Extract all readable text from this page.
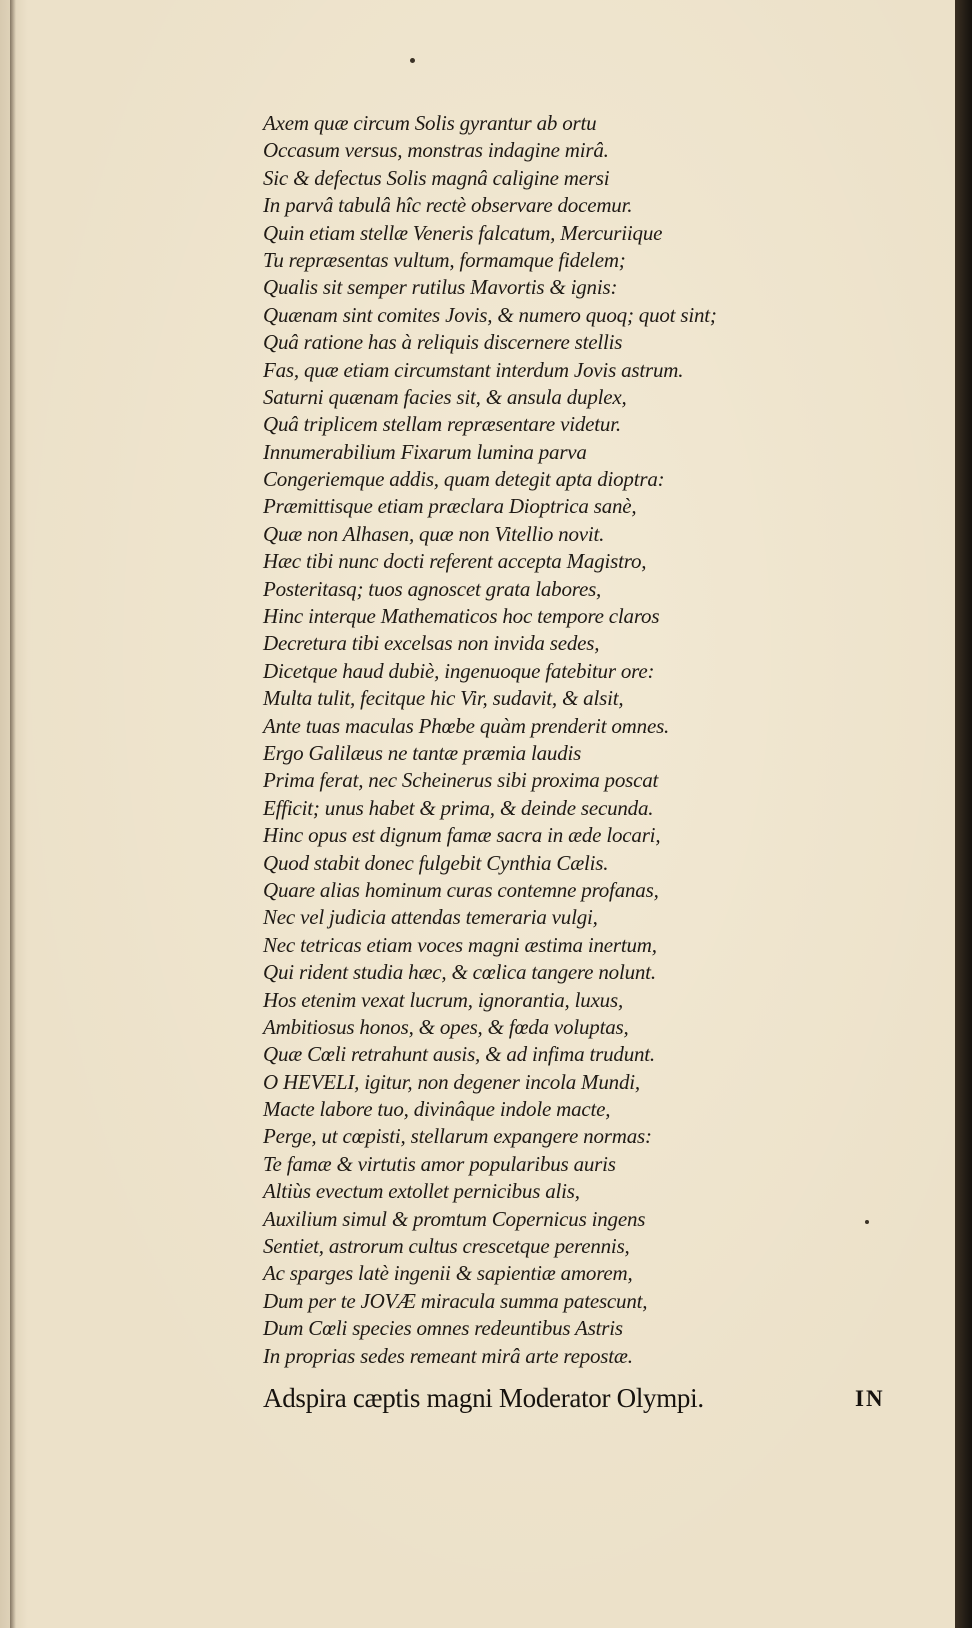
Axem quæ circum Solis gyrantur ab ortu
Occasum versus, monstras indagine mirâ.
Sic & defectus Solis magnâ caligine mersi
In parvâ tabulâ hîc rectè observare docemur.
Quin etiam stellæ Veneris falcatum, Mercuriique
Tu repræsentas vultum, formamque fidelem;
Qualis sit semper rutilus Mavortis & ignis:
Quænam sint comites Jovis, & numero quoq; quot sint;
Quâ ratione has à reliquis discernere stellis
Fas, quæ etiam circumstant interdum Jovis astrum.
Saturni quænam facies sit, & ansula duplex,
Quâ triplicem stellam repræsentare videtur.
Innumerabilium Fixarum lumina parva
Congeriemque addis, quam detegit apta dioptra:
Præmittisque etiam præclara Dioptrica sanè,
Quæ non Alhasen, quæ non Vitellio novit.
Hæc tibi nunc docti referent accepta Magistro,
Posteritasq; tuos agnoscet grata labores,
Hinc interque Mathematicos hoc tempore claros
Decretura tibi excelsas non invida sedes,
Dicetque haud dubiè, ingenuoque fatebitur ore:
Multa tulit, fecitque hic Vir, sudavit, & alsit,
Ante tuas maculas Phœbe quàm prenderit omnes.
Ergo Galilæus ne tantæ præmia laudis
Prima ferat, nec Scheinerus sibi proxima poscat
Efficit; unus habet & prima, & deinde secunda.
Hinc opus est dignum famæ sacra in æde locari,
Quod stabit donec fulgebit Cynthia Cælis.
Quare alias hominum curas contemne profanas,
Nec vel judicia attendas temeraria vulgi,
Nec tetricas etiam voces magni æstima inertum,
Qui rident studia hæc, & cœlica tangere nolunt.
Hos etenim vexat lucrum, ignorantia, luxus,
Ambitiosus honos, & opes, & fœda voluptas,
Quæ Cœli retrahunt ausis, & ad infima trudunt.
O HEVELI, igitur, non degener incola Mundi,
Macte labore tuo, divinâque indole macte,
Perge, ut cœpisti, stellarum expangere normas:
Te famæ & virtutis amor popularibus auris
Altiùs evectum extollet pernicibus alis,
Auxilium simul & promtum Copernicus ingens
Sentiet, astrorum cultus crescetque perennis,
Ac sparges latè ingenii & sapientiæ amorem,
Dum per te JOVÆ miracula summa patescunt,
Dum Cœli species omnes redeuntibus Astris
In proprias sedes remeant mirâ arte repostæ.
Adspira cæptis magni Moderator Olympi.	IN
